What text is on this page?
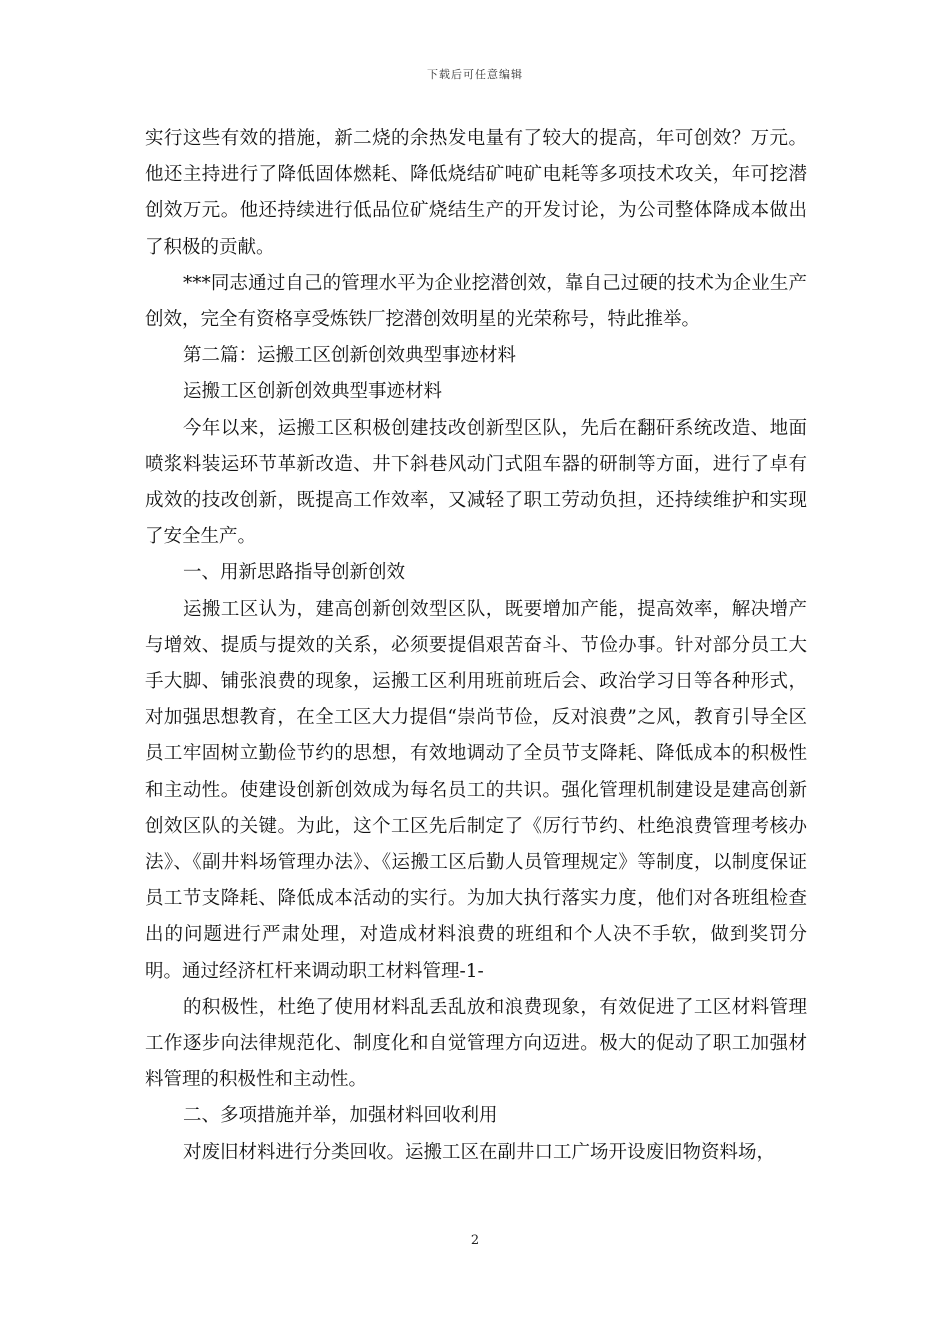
下载后可任意编辑

实行这些有效的措施，新二烧的余热发电量有了较大的提高，年可创效？万元。他还主持进行了降低固体燃耗、降低烧结矿吨矿电耗等多项技术攻关，年可挖潜创效万元。他还持续进行低品位矿烧结生产的开发讨论，为公司整体降成本做出了积极的贡献。

***同志通过自己的管理水平为企业挖潜创效，靠自己过硬的技术为企业生产创效，完全有资格享受炼铁厂挖潜创效明星的光荣称号，特此推举。

第二篇：运搬工区创新创效典型事迹材料

运搬工区创新创效典型事迹材料

今年以来，运搬工区积极创建技改创新型区队，先后在翻矸系统改造、地面喷浆料装运环节革新改造、井下斜巷风动门式阻车器的研制等方面，进行了卓有成效的技改创新，既提高工作效率，又减轻了职工劳动负担，还持续维护和实现了安全生产。

一、用新思路指导创新创效

运搬工区认为，建高创新创效型区队，既要增加产能，提高效率，解决增产与增效、提质与提效的关系，必须要提倡艰苦奋斗、节俭办事。针对部分员工大手大脚、铺张浪费的现象，运搬工区利用班前班后会、政治学习日等各种形式，对加强思想教育，在全工区大力提倡“崇尚节俭，反对浪费”之风，教育引导全区员工牢固树立勤俭节约的思想，有效地调动了全员节支降耗、降低成本的积极性和主动性。使建设创新创效成为每名员工的共识。强化管理机制建设是建高创新创效区队的关键。为此，这个工区先后制定了《厉行节约、杜绝浪费管理考核办法》、《副井料场管理办法》、《运搬工区后勤人员管理规定》等制度，以制度保证员工节支降耗、降低成本活动的实行。为加大执行落实力度，他们对各班组检查出的问题进行严肃处理，对造成材料浪费的班组和个人决不手软，做到奖罚分明。通过经济杠杆来调动职工材料管理-1-

的积极性，杜绝了使用材料乱丢乱放和浪费现象，有效促进了工区材料管理工作逐步向法律规范化、制度化和自觉管理方向迈进。极大的促动了职工加强材料管理的积极性和主动性。

二、多项措施并举，加强材料回收利用

对废旧材料进行分类回收。运搬工区在副井口工广场开设废旧物资料场，

2
